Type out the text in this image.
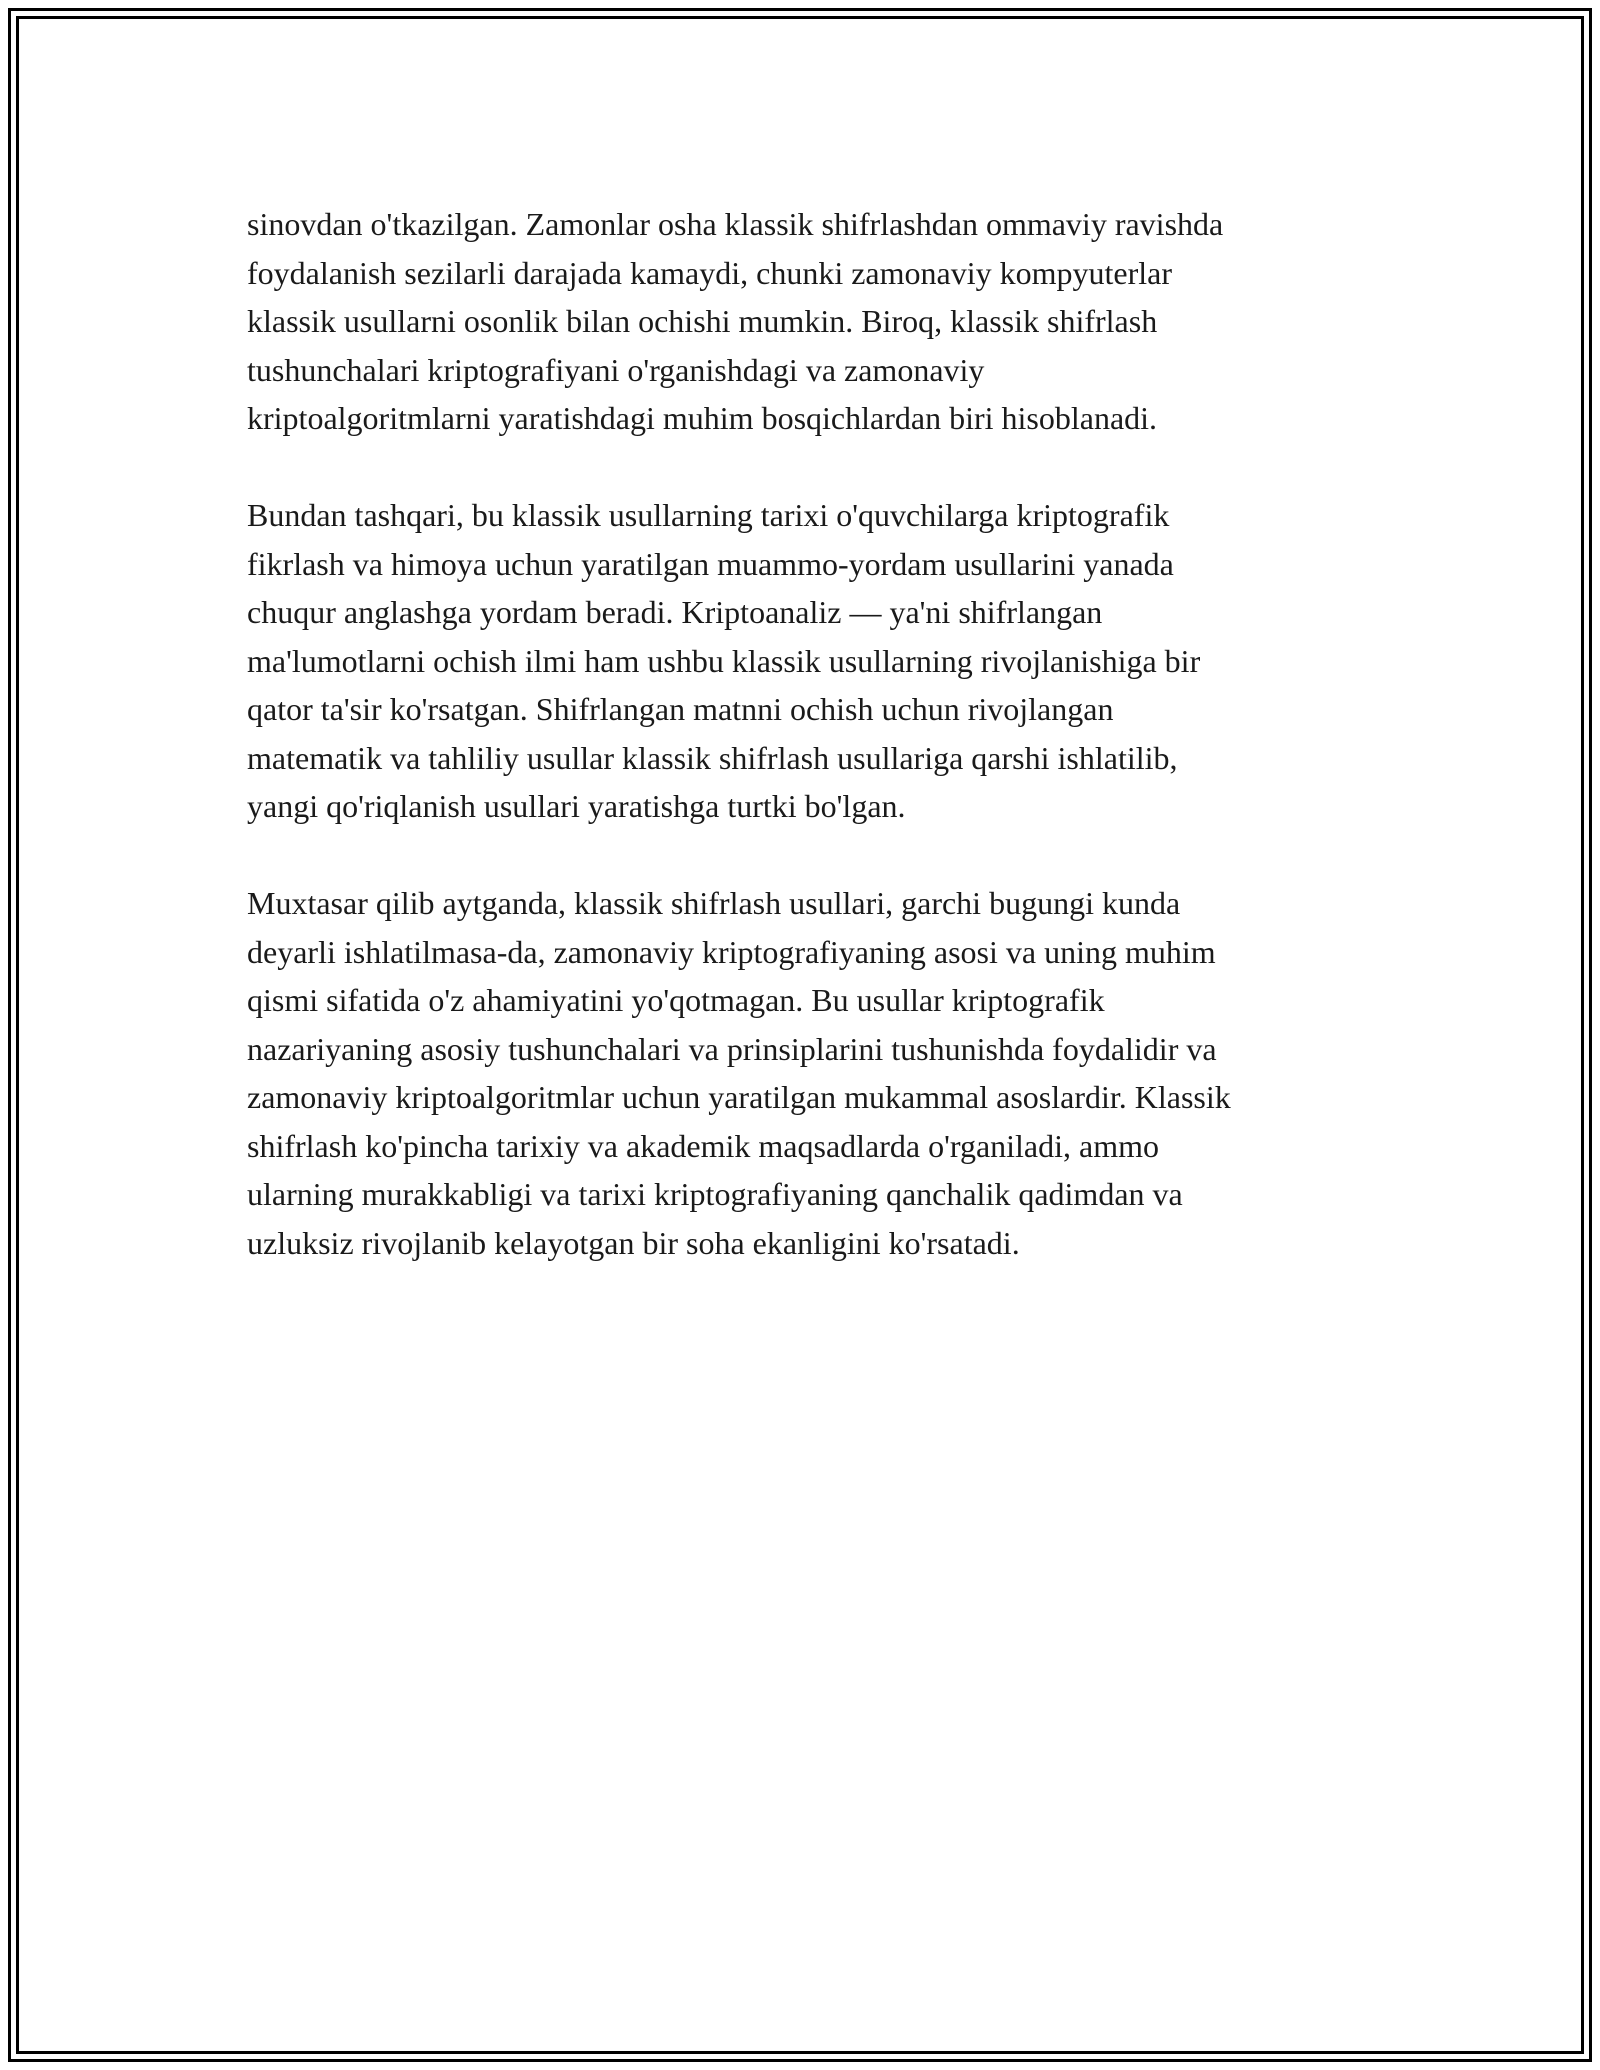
sinovdan o'tkazilgan. Zamonlar osha klassik shifrlashdan ommaviy ravishda
foydalanish sezilarli darajada kamaydi, chunki zamonaviy kompyuterlar
klassik usullarni osonlik bilan ochishi mumkin. Biroq, klassik shifrlash
tushunchalari kriptografiyani o'rganishdagi va zamonaviy
kriptoalgoritmlarni yaratishdagi muhim bosqichlardan biri hisoblanadi.

Bundan tashqari, bu klassik usullarning tarixi o'quvchilarga kriptografik
fikrlash va himoya uchun yaratilgan muammo-yordam usullarini yanada
chuqur anglashga yordam beradi. Kriptoanaliz — ya'ni shifrlangan
ma'lumotlarni ochish ilmi ham ushbu klassik usullarning rivojlanishiga bir
qator ta'sir ko'rsatgan. Shifrlangan matnni ochish uchun rivojlangan
matematik va tahliliy usullar klassik shifrlash usullariga qarshi ishlatilib,
yangi qo'riqlanish usullari yaratishga turtki bo'lgan.

Muxtasar qilib aytganda, klassik shifrlash usullari, garchi bugungi kunda
deyarli ishlatilmasa-da, zamonaviy kriptografiyaning asosi va uning muhim
qismi sifatida o'z ahamiyatini yo'qotmagan. Bu usullar kriptografik
nazariyaning asosiy tushunchalari va prinsiplarini tushunishda foydalidir va
zamonaviy kriptoalgoritmlar uchun yaratilgan mukammal asoslardir. Klassik
shifrlash ko'pincha tarixiy va akademik maqsadlarda o'rganiladi, ammo
ularning murakkabligi va tarixi kriptografiyaning qanchalik qadimdan va
uzluksiz rivojlanib kelayotgan bir soha ekanligini ko'rsatadi.
